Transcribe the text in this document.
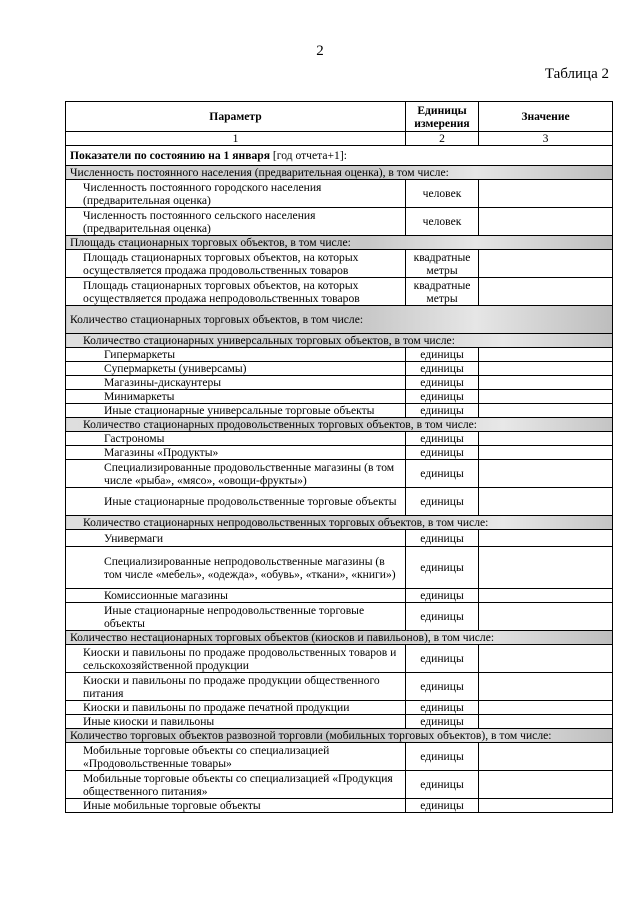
2
Таблица 2
Параметр	Единицы измерения	Значение
1	2	3
Показатели по состоянию на 1 января [год отчета+1]:		
Численность постоянного населения (предварительная оценка), в том числе:		
Численность постоянного городского населения (предварительная оценка)	человек	
Численность постоянного сельского населения (предварительная оценка)	человек	
Площадь стационарных торговых объектов, в том числе:		
Площадь стационарных торговых объектов, на которых осуществляется продажа продовольственных товаров	квадратные метры	
Площадь стационарных торговых объектов, на которых осуществляется продажа непродовольственных товаров	квадратные метры	
Количество стационарных торговых объектов, в том числе:		
Количество стационарных универсальных торговых объектов, в том числе:		
Гипермаркеты	единицы	
Супермаркеты (универсамы)	единицы	
Магазины-дискаунтеры	единицы	
Минимаркеты	единицы	
Иные стационарные универсальные торговые объекты	единицы	
Количество стационарных продовольственных торговых объектов, в том числе:		
Гастрономы	единицы	
Магазины «Продукты»	единицы	
Специализированные продовольственные магазины (в том числе «рыба», «мясо», «овощи-фрукты»)	единицы	
Иные стационарные продовольственные торговые объекты	единицы	
Количество стационарных непродовольственных торговых объектов, в том числе:		
Универмаги	единицы	
Специализированные непродовольственные магазины (в том числе «мебель», «одежда», «обувь», «ткани», «книги»)	единицы	
Комиссионные магазины	единицы	
Иные стационарные непродовольственные торговые объекты	единицы	
Количество нестационарных торговых объектов (киосков и павильонов), в том числе:		
Киоски и павильоны по продаже продовольственных товаров и сельскохозяйственной продукции	единицы	
Киоски и павильоны по продаже продукции общественного питания	единицы	
Киоски и павильоны по продаже печатной продукции	единицы	
Иные киоски и павильоны	единицы	
Количество торговых объектов развозной торговли (мобильных торговых объектов), в том числе:		
Мобильные торговые объекты со специализацией «Продовольственные товары»	единицы	
Мобильные торговые объекты со специализацией «Продукция общественного питания»	единицы	
Иные мобильные торговые объекты	единицы	
